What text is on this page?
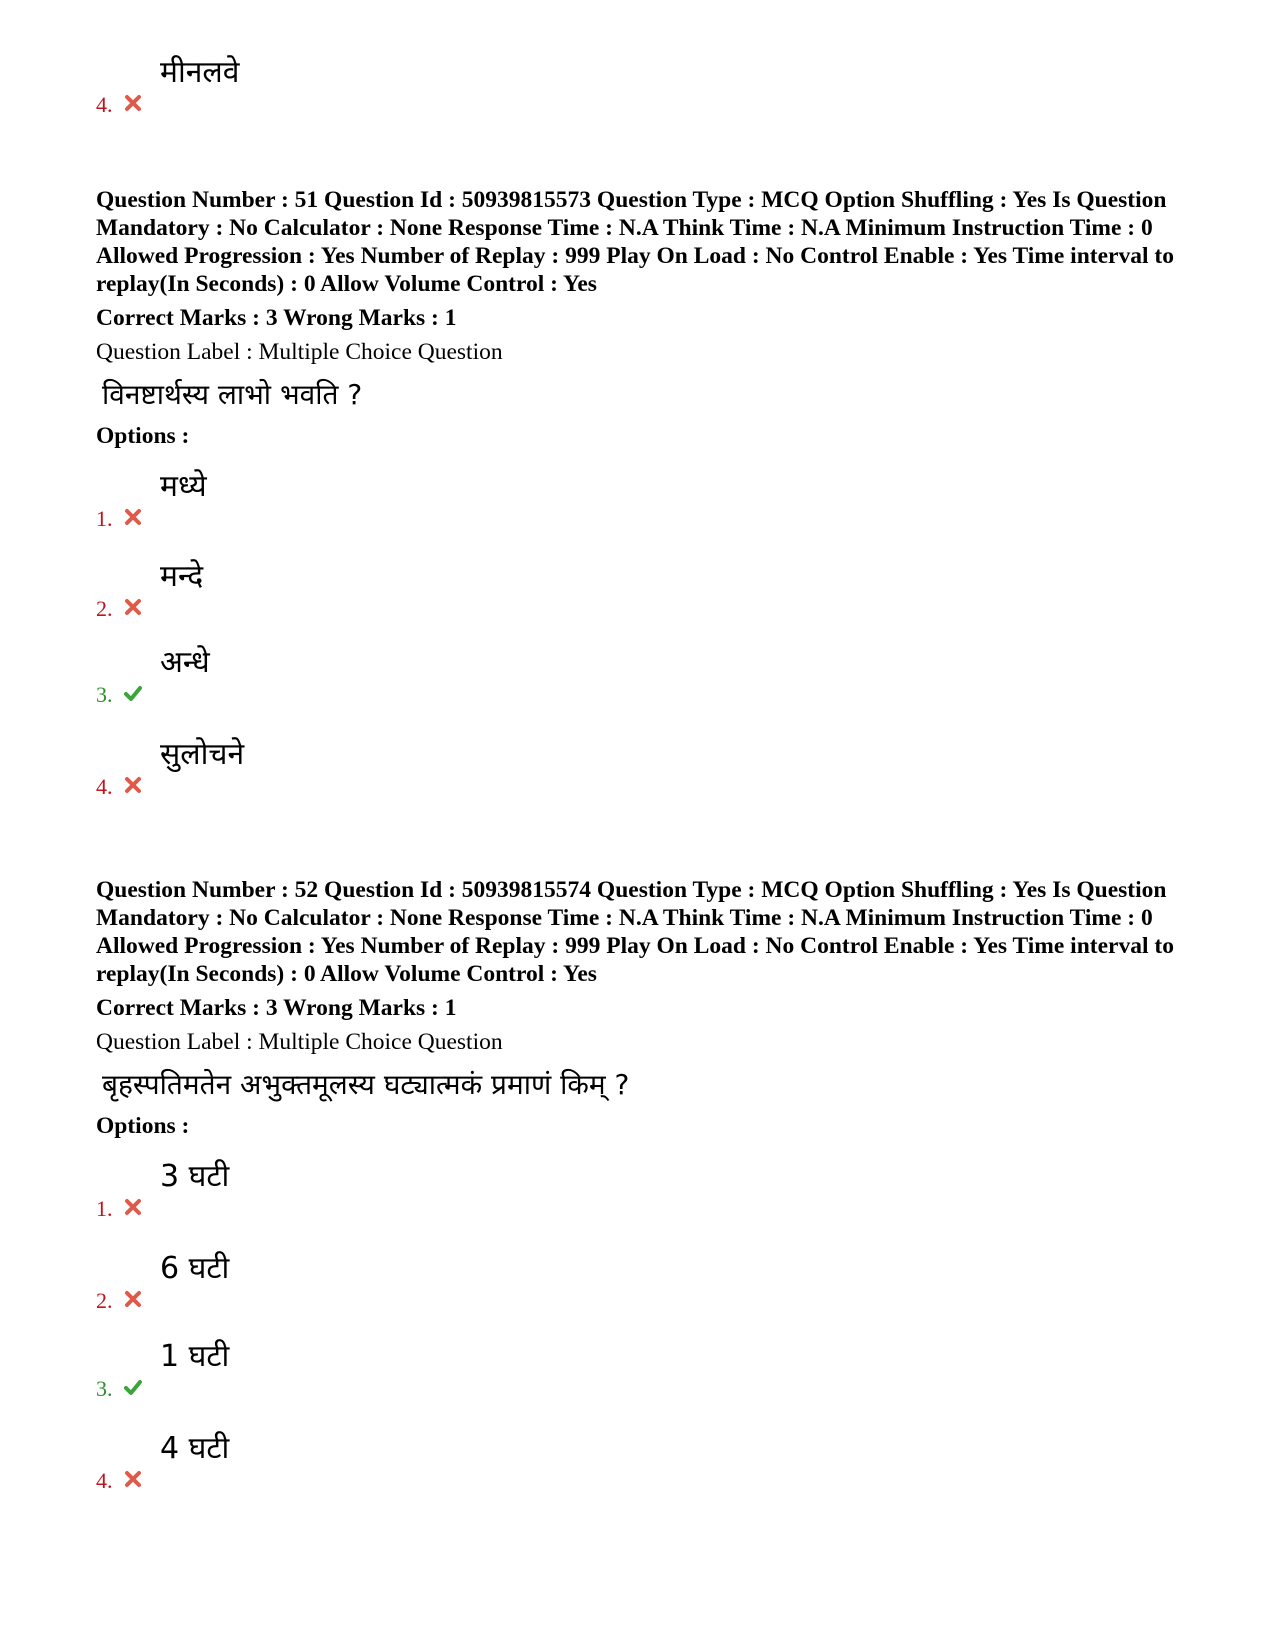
4.
मीनलवे

Question Number : 51 Question Id : 50939815573 Question Type : MCQ Option Shuffling : Yes Is Question Mandatory : No Calculator : None Response Time : N.A Think Time : N.A Minimum Instruction Time : 0 Allowed Progression : Yes Number of Replay : 999 Play On Load : No Control Enable : Yes Time interval to replay(In Seconds) : 0 Allow Volume Control : Yes

Correct Marks : 3 Wrong Marks : 1

Question Label : Multiple Choice Question

विनष्टार्थस्य लाभो भवति ?

Options :

1.
मध्ये
2.
मन्दे
3.
अन्धे
4.
सुलोचने

Question Number : 52 Question Id : 50939815574 Question Type : MCQ Option Shuffling : Yes Is Question Mandatory : No Calculator : None Response Time : N.A Think Time : N.A Minimum Instruction Time : 0 Allowed Progression : Yes Number of Replay : 999 Play On Load : No Control Enable : Yes Time interval to replay(In Seconds) : 0 Allow Volume Control : Yes

Correct Marks : 3 Wrong Marks : 1

Question Label : Multiple Choice Question

बृहस्पतिमतेन अभुक्तमूलस्य घट्यात्मकं प्रमाणं किम् ?

Options :

1.
3 घटी
2.
6 घटी
3.
1 घटी
4.
4 घटी
